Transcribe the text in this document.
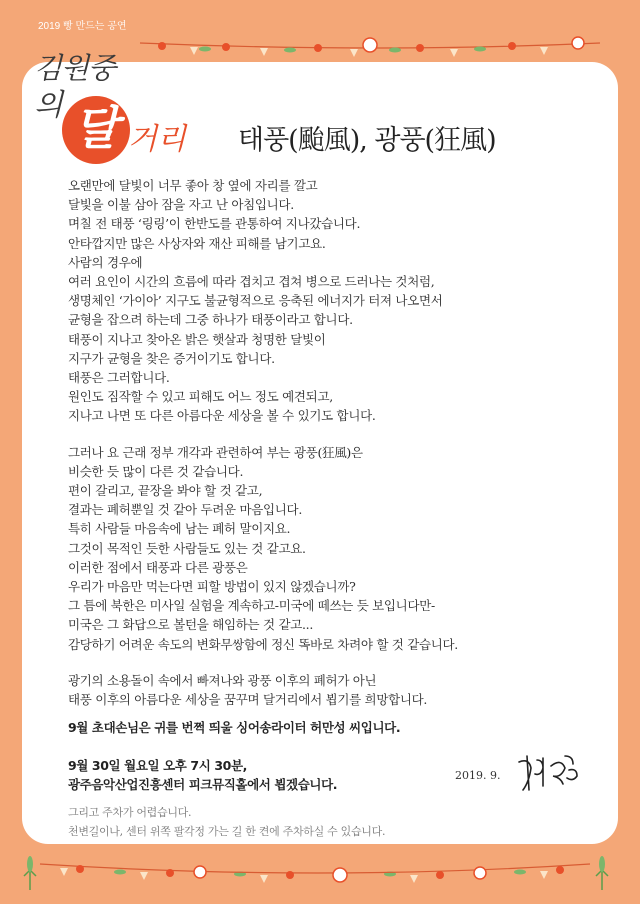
2019 빵 만드는 공연
김원중
의 달 거리 태풍(颱風), 광풍(狂風)

오랜만에 달빛이 너무 좋아 창 옆에 자리를 깔고

달빛을 이불 삼아 잠을 자고 난 아침입니다.

며칠 전 태풍 ‘링링’이 한반도를 관통하여 지나갔습니다.

안타깝지만 많은 사상자와 재산 피해를 남기고요.

사람의 경우에

여러 요인이 시간의 흐름에 따라 겹치고 겹쳐 병으로 드러나는 것처럼,

생명체인 ‘가이아’ 지구도 불균형적으로 응축된 에너지가 터져 나오면서

균형을 잡으려 하는데 그중 하나가 태풍이라고 합니다.

태풍이 지나고 찾아온 밝은 햇살과 청명한 달빛이

지구가 균형을 찾은 증거이기도 합니다.

태풍은 그러합니다.

원인도 짐작할 수 있고 피해도 어느 정도 예견되고,

지나고 나면 또 다른 아름다운 세상을 볼 수 있기도 합니다.

그러나 요 근래 정부 개각과 관련하여 부는 광풍(狂風)은

비슷한 듯 많이 다른 것 같습니다.

편이 갈리고, 끝장을 봐야 할 것 같고,

결과는 폐허뿐일 것 같아 두려운 마음입니다.

특히 사람들 마음속에 남는 폐허 말이지요.

그것이 목적인 듯한 사람들도 있는 것 같고요.

이러한 점에서 태풍과 다른 광풍은

우리가 마음만 먹는다면 피할 방법이 있지 않겠습니까?

그 틈에 북한은 미사일 실험을 계속하고-미국에 떼쓰는 듯 보입니다만-

미국은 그 화답으로 볼턴을 해임하는 것 같고...

감당하기 어려운 속도의 변화무쌍함에 정신 똑바로 차려야 할 것 같습니다.

광기의 소용돌이 속에서 빠져나와 광풍 이후의 폐허가 아닌

태풍 이후의 아름다운 세상을 꿈꾸며 달거리에서 뵙기를 희망합니다.

9월 초대손님은 귀를 번쩍 띄울 싱어송라이터 허만성 씨입니다.

9월 30일 월요일 오후 7시 30분,

광주음악산업진흥센터 피크뮤직홀에서 뵙겠습니다.

2019. 9.

그리고 주차가 어렵습니다.

천변길이나, 센터 위쪽 팔각정 가는 길 한 켠에 주차하실 수 있습니다.
